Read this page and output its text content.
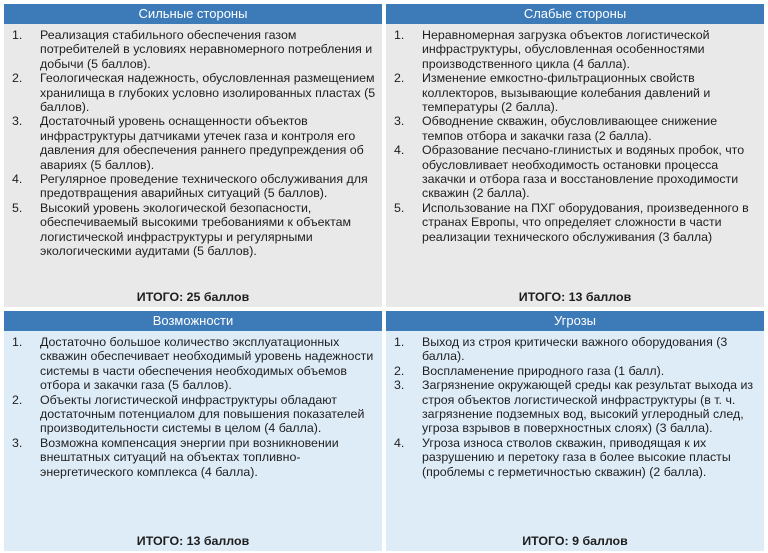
Сильные стороны
1.	Реализация стабильного обеспечения газом потребителей в условиях неравномерного потребления и добычи (5 баллов).
2.	Геологическая надежность, обусловленная размещением хранилища в глубоких условно изолированных пластах (5 баллов).
3.	Достаточный уровень оснащенности объектов инфраструктуры датчиками утечек газа и контроля его давления для обеспечения раннего предупреждения об авариях (5 баллов).
4.	Регулярное проведение технического обслуживания для предотвращения аварийных ситуаций (5 баллов).
5.	Высокий уровень экологической безопасности, обеспечиваемый высокими требованиями к объектам логистической инфраструктуры и регулярными экологическими аудитами (5 баллов).
ИТОГО: 25 баллов
Слабые стороны
1.	Неравномерная загрузка объектов логистической инфраструктуры, обусловленная особенностями производственного цикла (4 балла).
2.	Изменение емкостно-фильтрационных свойств коллекторов, вызывающие колебания давлений и температуры (2 балла).
3.	Обводнение скважин, обусловливающее снижение темпов отбора и закачки газа (2 балла).
4.	Образование песчано-глинистых и водяных пробок, что обусловливает необходимость остановки процесса закачки и отбора газа и восстановление проходимости скважин (2 балла).
5.	Использование на ПХГ оборудования, произведенного в странах Европы, что определяет сложности в части реализации технического обслуживания (3 балла)
ИТОГО: 13 баллов
Возможности
1.	Достаточно большое количество эксплуатационных скважин обеспечивает необходимый уровень надежности системы в части обеспечения необходимых объемов отбора и закачки газа (5 баллов).
2.	Объекты логистической инфраструктуры обладают достаточным потенциалом для повышения показателей производительности системы в целом (4 балла).
3.	Возможна компенсация энергии при возникновении внештатных ситуаций на объектах топливно-энергетического комплекса (4 балла).
ИТОГО: 13 баллов
Угрозы
1.	Выход из строя критически важного оборудования (3 балла).
2.	Воспламенение природного газа (1 балл).
3.	Загрязнение окружающей среды как результат выхода из строя объектов логистической инфраструктуры (в т. ч. загрязнение подземных вод, высокий углеродный след, угроза взрывов в поверхностных слоях) (3 балла).
4.	Угроза износа стволов скважин, приводящая к их разрушению и перетоку газа в более высокие пласты (проблемы с герметичностью скважин) (2 балла).
ИТОГО: 9 баллов
